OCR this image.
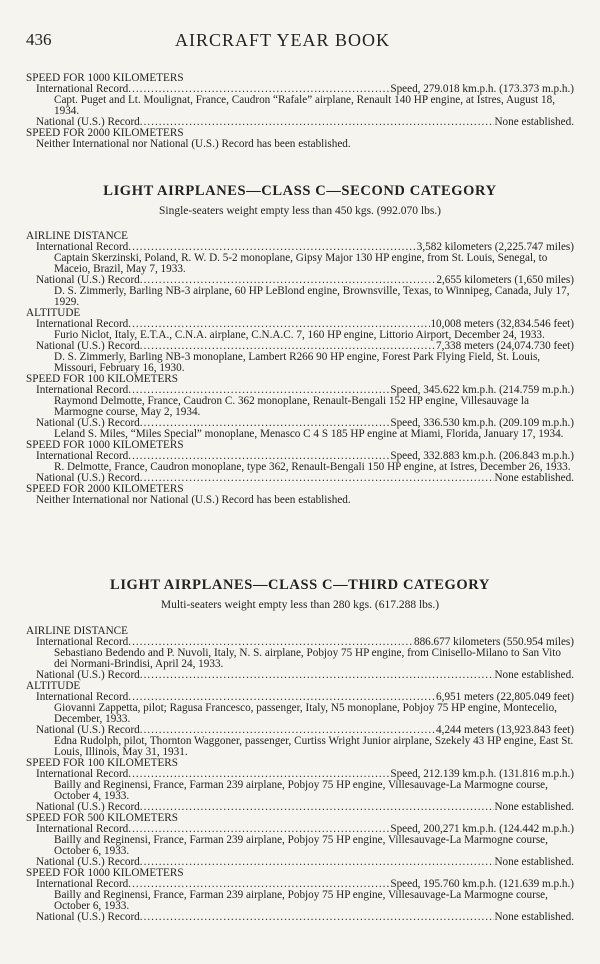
436	AIRCRAFT YEAR BOOK
SPEED FOR 1000 KILOMETERS
International Record .....	Speed, 279.018 km.p.h. (173.373 m.p.h.)
Capt. Puget and Lt. Moulignat, France, Caudron “Rafale” airplane, Renault 140 HP engine, at Istres, August 18, 1934.
National (U.S.) Record .....	None established.
SPEED FOR 2000 KILOMETERS
Neither International nor National (U.S.) Record has been established.
LIGHT AIRPLANES—CLASS C—SECOND CATEGORY
Single-seaters weight empty less than 450 kgs. (992.070 lbs.)
AIRLINE DISTANCE
International Record .....	3,582 kilometers (2,225.747 miles)
Captain Skerzinski, Poland, R. W. D. 5-2 monoplane, Gipsy Major 130 HP engine, from St. Louis, Senegal, to Maceio, Brazil, May 7, 1933.
National (U.S.) Record .....	2,655 kilometers (1,650 miles)
D. S. Zimmerly, Barling NB-3 airplane, 60 HP LeBlond engine, Brownsville, Texas, to Winnipeg, Canada, July 17, 1929.
ALTITUDE
International Record .....	10,008 meters (32,834.546 feet)
Furio Niclot, Italy, E.T.A., C.N.A. airplane, C.N.A.C. 7, 160 HP engine, Littorio Airport, December 24, 1933.
National (U.S.) Record .....	7,338 meters (24,074.730 feet)
D. S. Zimmerly, Barling NB-3 monoplane, Lambert R266 90 HP engine, Forest Park Flying Field, St. Louis, Missouri, February 16, 1930.
SPEED FOR 100 KILOMETERS
International Record .....	Speed, 345.622 km.p.h. (214.759 m.p.h.)
Raymond Delmotte, France, Caudron C. 362 monoplane, Renault-Bengali 152 HP engine, Villesauvage la Marmogne course, May 2, 1934.
National (U.S.) Record .....	Speed, 336.530 km.p.h. (209.109 m.p.h.)
Leland S. Miles, “Miles Special” monoplane, Menasco C 4 S 185 HP engine at Miami, Florida, January 17, 1934.
SPEED FOR 1000 KILOMETERS
International Record .....	Speed, 332.883 km.p.h. (206.843 m.p.h.)
R. Delmotte, France, Caudron monoplane, type 362, Renault-Bengali 150 HP engine, at Istres, December 26, 1933.
National (U.S.) Record .....	None established.
SPEED FOR 2000 KILOMETERS
Neither International nor National (U.S.) Record has been established.
LIGHT AIRPLANES—CLASS C—THIRD CATEGORY
Multi-seaters weight empty less than 280 kgs. (617.288 lbs.)
AIRLINE DISTANCE
International Record .....	886.677 kilometers (550.954 miles)
Sebastiano Bedendo and P. Nuvoli, Italy, N. S. airplane, Pobjoy 75 HP engine, from Cinisello-Milano to San Vito dei Normani-Brindisi, April 24, 1933.
National (U.S.) Record .....	None established.
ALTITUDE
International Record .....	6,951 meters (22,805.049 feet)
Giovanni Zappetta, pilot; Ragusa Francesco, passenger, Italy, N5 monoplane, Pobjoy 75 HP engine, Montecelio, December, 1933.
National (U.S.) Record .....	4,244 meters (13,923.843 feet)
Edna Rudolph, pilot, Thornton Waggoner, passenger, Curtiss Wright Junior airplane, Szekely 43 HP engine, East St. Louis, Illinois, May 31, 1931.
SPEED FOR 100 KILOMETERS
International Record .....	Speed, 212.139 km.p.h. (131.816 m.p.h.)
Bailly and Reginensi, France, Farman 239 airplane, Pobjoy 75 HP engine, Villesauvage-La Marmogne course, October 4, 1933.
National (U.S.) Record .....	None established.
SPEED FOR 500 KILOMETERS
International Record .....	Speed, 200,271 km.p.h. (124.442 m.p.h.)
Bailly and Reginensi, France, Farman 239 airplane, Pobjoy 75 HP engine, Villesauvage-La Marmogne course, October 6, 1933.
National (U.S.) Record .....	None established.
SPEED FOR 1000 KILOMETERS
International Record .....	Speed, 195.760 km.p.h. (121.639 m.p.h.)
Bailly and Reginensi, France, Farman 239 airplane, Pobjoy 75 HP engine, Villesauvage-La Marmogne course, October 6, 1933.
National (U.S.) Record .....	None established.
